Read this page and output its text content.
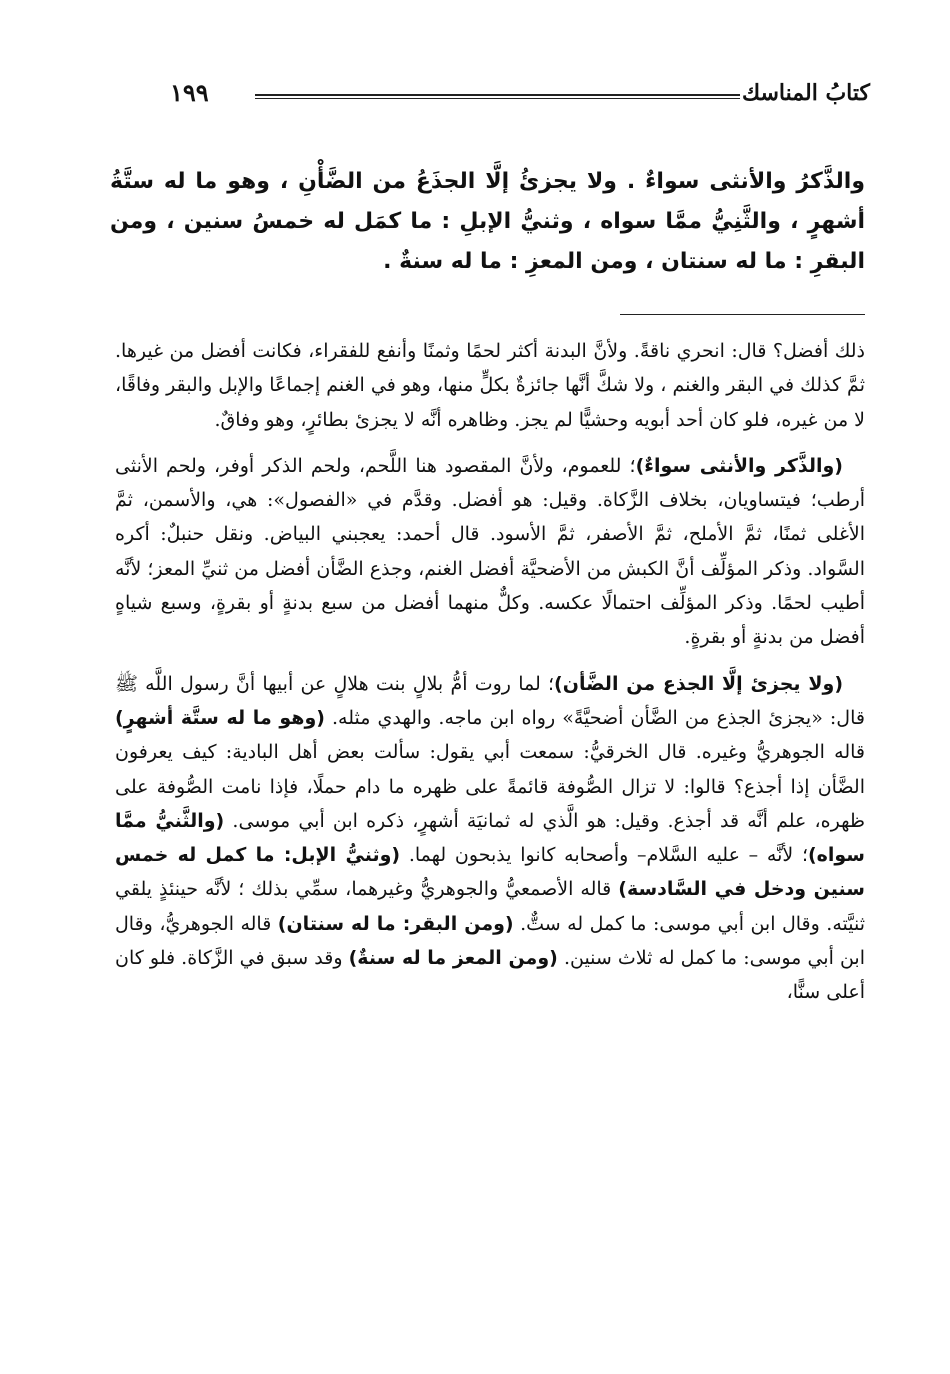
كتابُ المناسك
١٩٩
والذَّكرُ والأنثى سواءٌ . ولا يجزئُ إلَّا الجذَعُ من الضَّأْنِ ، وهو ما له ستَّةُ أشهرٍ ، والثَّنِيُّ ممَّا سواه ، وثنيُّ الإبلِ : ما كمَل له خمسُ سنين ، ومن البقرِ : ما له سنتان ، ومن المعزِ : ما له سنةٌ .

ذلك أفضل؟ قال: انحري ناقةً. ولأنَّ البدنة أكثر لحمًا وثمنًا وأنفع للفقراء، فكانت أفضل من غيرها. ثمَّ كذلك في البقر والغنم ، ولا شكَّ أنَّها جائزةٌ بكلٍّ منها، وهو في الغنم إجماعًا والإبل والبقر وفاقًا، لا من غيره، فلو كان أحد أبويه وحشيًّا لم يجز. وظاهره أنَّه لا يجزئ بطائرٍ، وهو وفاقٌ.

(والذَّكر والأنثى سواءٌ)؛ للعموم، ولأنَّ المقصود هنا اللَّحم، ولحم الذكر أوفر، ولحم الأنثى أرطب؛ فيتساويان، بخلاف الزَّكاة. وقيل: هو أفضل. وقدَّم في «الفصول»: هي، والأسمن، ثمَّ الأغلى ثمنًا، ثمَّ الأملح، ثمَّ الأصفر، ثمَّ الأسود. قال أحمد: يعجبني البياض. ونقل حنبلٌ: أكره السَّواد. وذكر المؤلِّف أنَّ الكبش من الأضحيَّة أفضل الغنم، وجذع الضَّأن أفضل من ثنيِّ المعز؛ لأنَّه أطيب لحمًا. وذكر المؤلِّف احتمالًا عكسه. وكلٌّ منهما أفضل من سبع بدنةٍ أو بقرةٍ، وسبع شياهٍ أفضل من بدنةٍ أو بقرةٍ.

(ولا يجزئ إلَّا الجذع من الضَّأن)؛ لما روت أمُّ بلالٍ بنت هلالٍ عن أبيها أنَّ رسول اللَّه ﷺ قال: «يجزئ الجذع من الضَّأن أضحيَّةً» رواه ابن ماجه. والهدي مثله. (وهو ما له ستَّة أشهرٍ) قاله الجوهريُّ وغيره. قال الخرقيُّ: سمعت أبي يقول: سألت بعض أهل البادية: كيف يعرفون الضَّأن إذا أجذع؟ قالوا: لا تزال الصُّوفة قائمةً على ظهره ما دام حملًا، فإذا نامت الصُّوفة على ظهره، علم أنَّه قد أجذع. وقيل: هو الَّذي له ثمانيَة أشهرٍ، ذكره ابن أبي موسى. (والثَّنيُّ ممَّا سواه)؛ لأنَّه – عليه السَّلام– وأصحابه كانوا يذبحون لهما. (وثنيُّ الإبل: ما كمل له خمس سنين ودخل في السَّادسة) قاله الأصمعيُّ والجوهريُّ وغيرهما، سمِّي بذلك ؛ لأنَّه حينئذٍ يلقي ثنيَّته. وقال ابن أبي موسى: ما كمل له ستٌّ. (ومن البقر: ما له سنتان) قاله الجوهريُّ، وقال ابن أبي موسى: ما كمل له ثلاث سنين. (ومن المعز ما له سنةٌ) وقد سبق في الزَّكاة. فلو كان أعلى سنًّا،
